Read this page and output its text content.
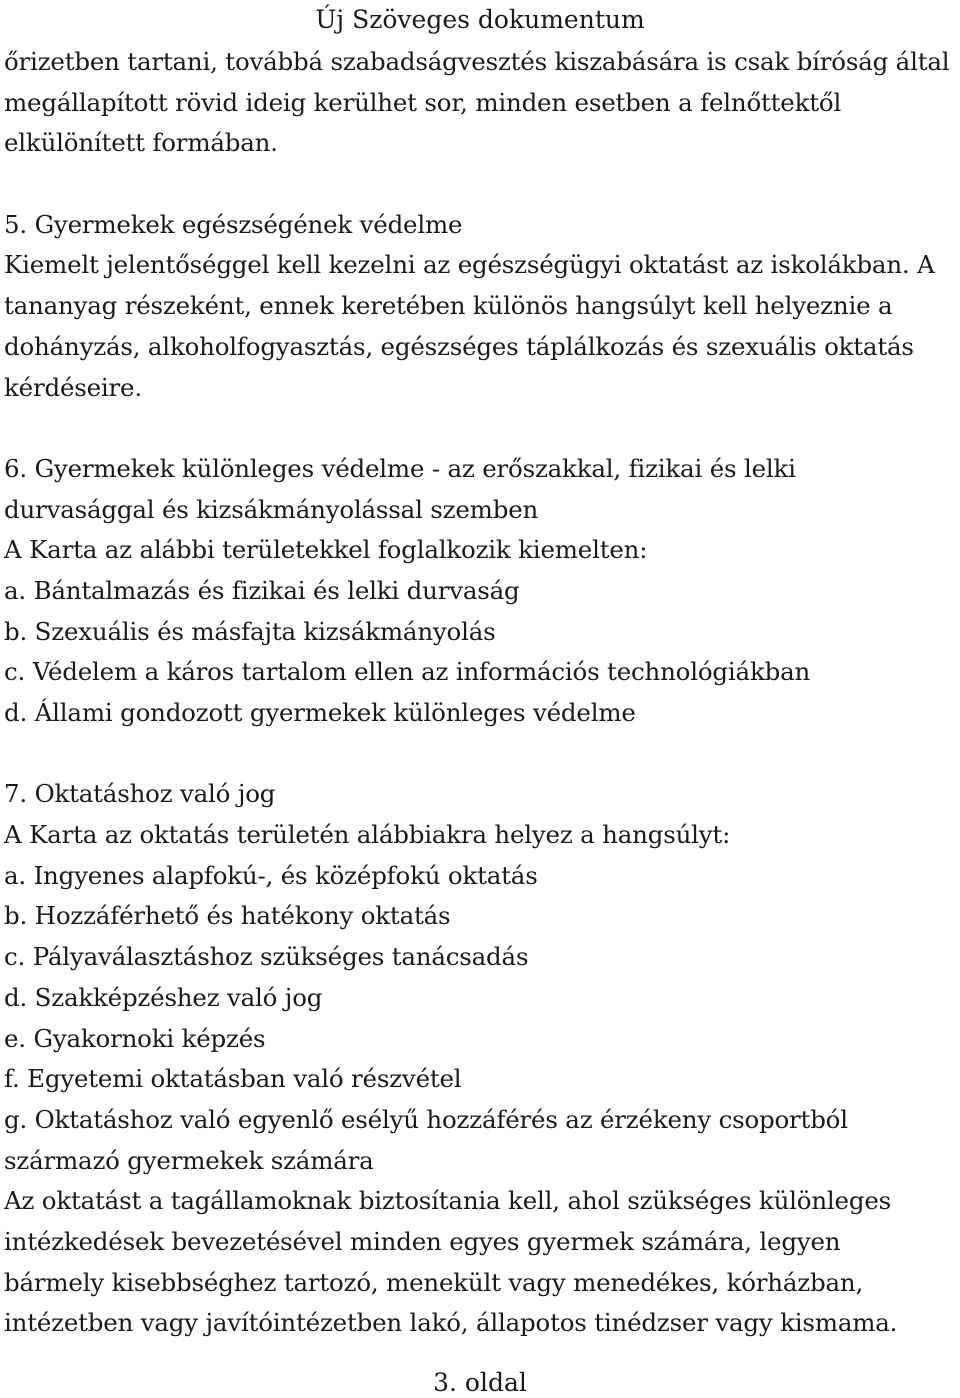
Új Szöveges dokumentum
őrizetben tartani, továbbá szabadságvesztés kiszabására is csak bíróság által
megállapított rövid ideig kerülhet sor, minden esetben a felnőttektől
elkülönített formában.
5. Gyermekek egészségének védelme
Kiemelt jelentőséggel kell kezelni az egészségügyi oktatást az iskolákban. A
tananyag részeként, ennek keretében különös hangsúlyt kell helyeznie a
dohányzás, alkoholfogyasztás, egészséges táplálkozás és szexuális oktatás
kérdéseire.
6. Gyermekek különleges védelme - az erőszakkal, fizikai és lelki
durvasággal és kizsákmányolással szemben
A Karta az alábbi területekkel foglalkozik kiemelten:
a. Bántalmazás és fizikai és lelki durvaság
b. Szexuális és másfajta kizsákmányolás
c. Védelem a káros tartalom ellen az információs technológiákban
d. Állami gondozott gyermekek különleges védelme
7. Oktatáshoz való jog
A Karta az oktatás területén alábbiakra helyez a hangsúlyt:
a. Ingyenes alapfokú-, és középfokú oktatás
b. Hozzáférhető és hatékony oktatás
c. Pályaválasztáshoz szükséges tanácsadás
d. Szakképzéshez való jog
e. Gyakornoki képzés
f. Egyetemi oktatásban való részvétel
g. Oktatáshoz való egyenlő esélyű hozzáférés az érzékeny csoportból
származó gyermekek számára
Az oktatást a tagállamoknak biztosítania kell, ahol szükséges különleges
intézkedések bevezetésével minden egyes gyermek számára, legyen
bármely kisebbséghez tartozó, menekült vagy menedékes, kórházban,
intézetben vagy javítóintézetben lakó, állapotos tinédzser vagy kismama.

3. oldal
